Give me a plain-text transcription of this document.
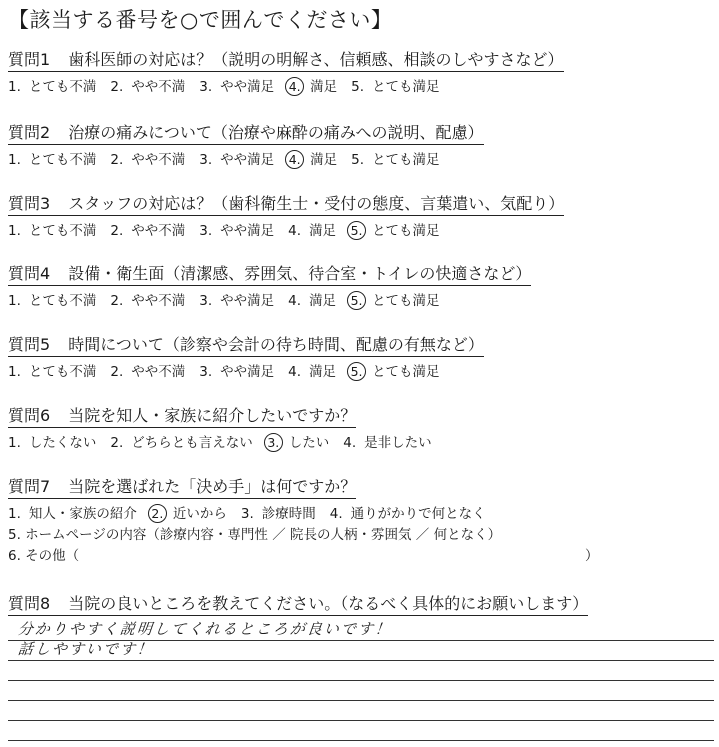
【該当する番号を○で囲んでください】
質問1 歯科医師の対応は？（説明の明解さ、信頼感、相談のしやすさなど）
1. とても不満 2. やや不満 3. やや満足 4. 満足 5. とても満足
質問2 治療の痛みについて（治療や麻酔の痛みへの説明、配慮）
1. とても不満 2. やや不満 3. やや満足 4. 満足 5. とても満足
質問3 スタッフの対応は？（歯科衛生士・受付の態度、言葉遣い、気配り）
1. とても不満 2. やや不満 3. やや満足 4. 満足 5. とても満足
質問4 設備・衛生面（清潔感、雰囲気、待合室・トイレの快適さなど）
1. とても不満 2. やや不満 3. やや満足 4. 満足 5. とても満足
質問5 時間について（診察や会計の待ち時間、配慮の有無など）
1. とても不満 2. やや不満 3. やや満足 4. 満足 5. とても満足
質問6 当院を知人・家族に紹介したいですか？
1. したくない 2. どちらとも言えない 3. したい 4. 是非したい
質問7 当院を選ばれた「決め手」は何ですか？
1. 知人・家族の紹介 2. 近いから 3. 診療時間 4. 通りがかりで何となく
5. ホームページの内容（診療内容・専門性 ／ 院長の人柄・雰囲気 ／ 何となく）
6. その他（	）
質問8 当院の良いところを教えてください。（なるべく具体的にお願いします）
分かりやすく説明してくれるところが良いです！
話しやすいです！
